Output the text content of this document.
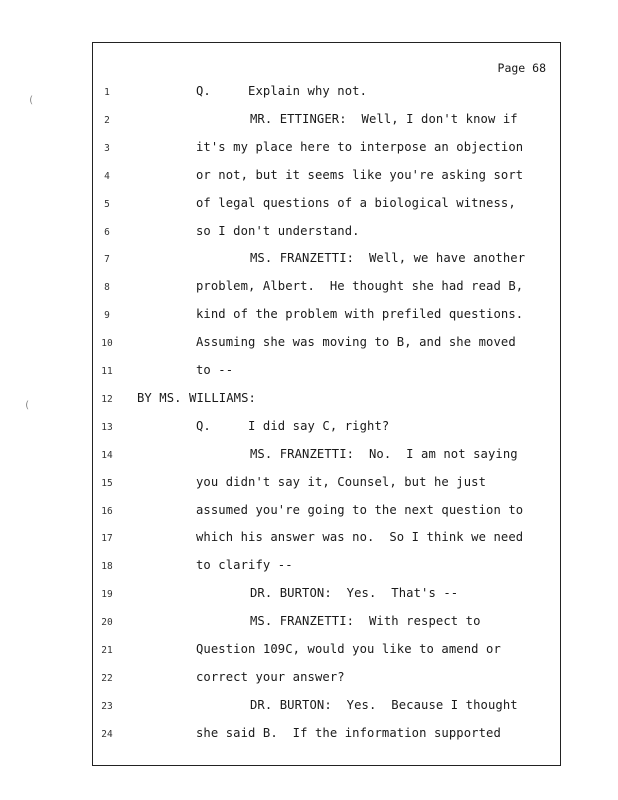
Page 68
1	Q.     Explain why not.
2	MR. ETTINGER:  Well, I don't know if
3	it's my place here to interpose an objection
4	or not, but it seems like you're asking sort
5	of legal questions of a biological witness,
6	so I don't understand.
7	MS. FRANZETTI:  Well, we have another
8	problem, Albert.  He thought she had read B,
9	kind of the problem with prefiled questions.
10	Assuming she was moving to B, and she moved
11	to --
12	BY MS. WILLIAMS:
13	Q.     I did say C, right?
14	MS. FRANZETTI:  No.  I am not saying
15	you didn't say it, Counsel, but he just
16	assumed you're going to the next question to
17	which his answer was no.  So I think we need
18	to clarify --
19	DR. BURTON:  Yes.  That's --
20	MS. FRANZETTI:  With respect to
21	Question 109C, would you like to amend or
22	correct your answer?
23	DR. BURTON:  Yes.  Because I thought
24	she said B.  If the information supported
(
(
